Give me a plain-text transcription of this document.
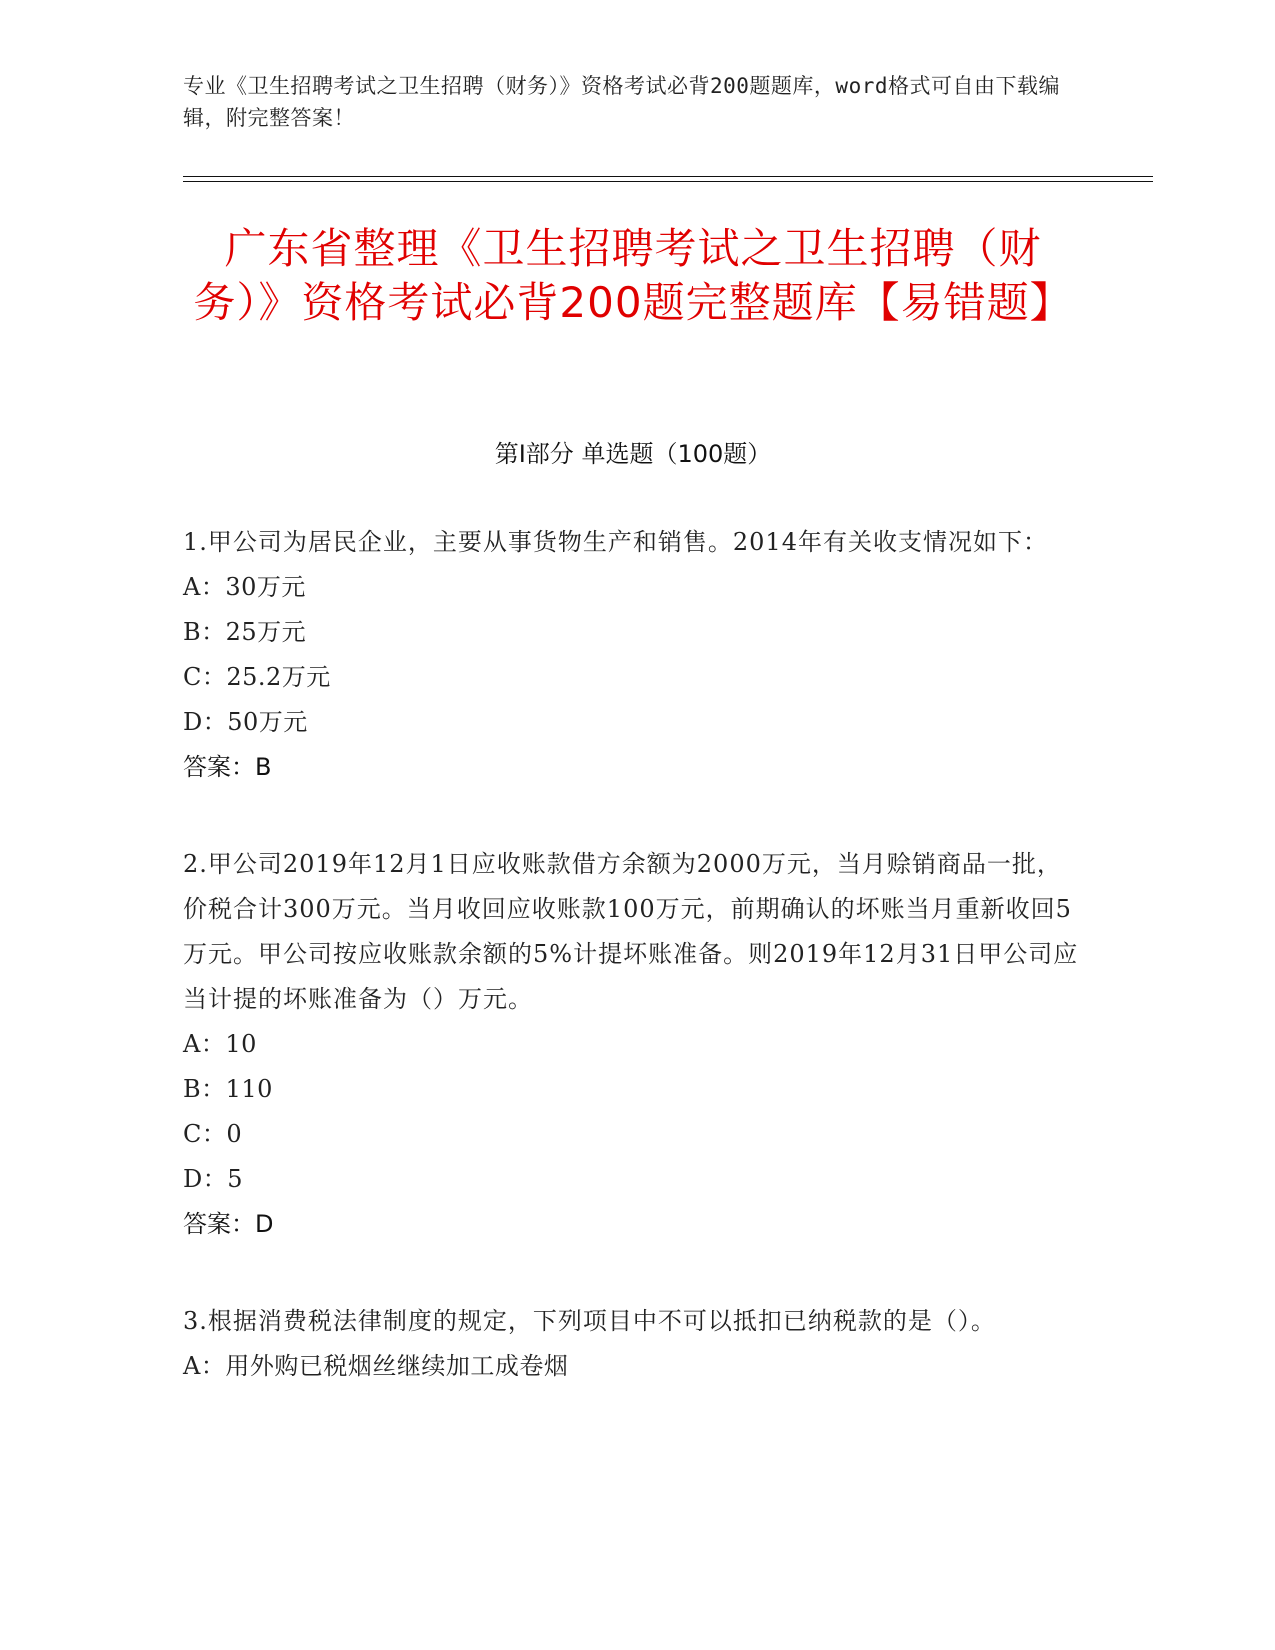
专业《卫生招聘考试之卫生招聘（财务）》资格考试必背200题题库，word格式可自由下载编辑，附完整答案！
广东省整理《卫生招聘考试之卫生招聘（财务）》资格考试必背200题完整题库【易错题】
第I部分 单选题（100题）
1.甲公司为居民企业，主要从事货物生产和销售。2014年有关收支情况如下：
A：30万元
B：25万元
C：25.2万元
D：50万元
答案：B
2.甲公司2019年12月1日应收账款借方余额为2000万元，当月赊销商品一批，价税合计300万元。当月收回应收账款100万元，前期确认的坏账当月重新收回5万元。甲公司按应收账款余额的5%计提坏账准备。则2019年12月31日甲公司应当计提的坏账准备为（）万元。
A：10
B：110
C：0
D：5
答案：D
3.根据消费税法律制度的规定，下列项目中不可以抵扣已纳税款的是（）。
A：用外购已税烟丝继续加工成卷烟
